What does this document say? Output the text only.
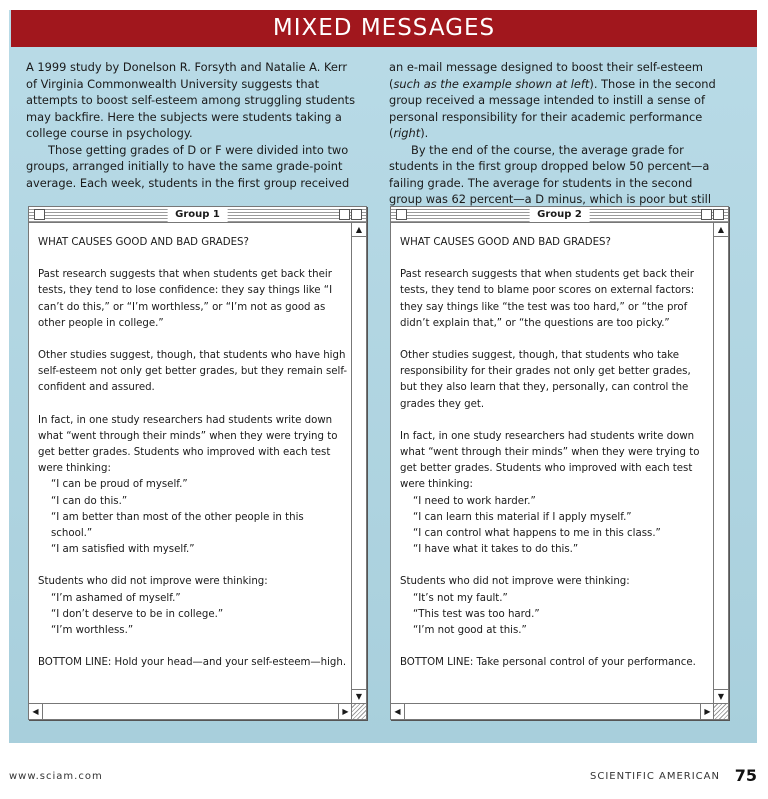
MIXED MESSAGES

A 1999 study by Donelson R. Forsyth and Natalie A. Kerr of Virginia Commonwealth University suggests that attempts to boost self-esteem among struggling students may backfire. Here the subjects were students taking a college course in psychology.

Those getting grades of D or F were divided into two groups, arranged initially to have the same grade-point average. Each week, students in the first group received

an e-mail message designed to boost their self-esteem (such as the example shown at left). Those in the second group received a message intended to instill a sense of personal responsibility for their academic performance (right).

By the end of the course, the average grade for students in the first group dropped below 50 percent—a failing grade. The average for students in the second group was 62 percent—a D minus, which is poor but still

Group 1
WHAT CAUSES GOOD AND BAD GRADES?
Past research suggests that when students get back their tests, they tend to lose confidence: they say things like “I can’t do this,” or “I’m worthless,” or “I’m not as good as other people in college.”
Other studies suggest, though, that students who have high self-esteem not only get better grades, but they remain self-confident and assured.
In fact, in one study researchers had students write down what “went through their minds” when they were trying to get better grades. Students who improved with each test were thinking:
“I can be proud of myself.”
“I can do this.”
“I am better than most of the other people in this school.”
“I am satisfied with myself.”
Students who did not improve were thinking:
“I’m ashamed of myself.”
“I don’t deserve to be in college.”
“I’m worthless.”
BOTTOM LINE: Hold your head—and your self-esteem—high.
▲
▼
◀	▶
Group 2
WHAT CAUSES GOOD AND BAD GRADES?
Past research suggests that when students get back their tests, they tend to blame poor scores on external factors: they say things like “the test was too hard,” or “the prof didn’t explain that,” or “the questions are too picky.”
Other studies suggest, though, that students who take responsibility for their grades not only get better grades, but they also learn that they, personally, can control the grades they get.
In fact, in one study researchers had students write down what “went through their minds” when they were trying to get better grades. Students who improved with each test were thinking:
“I need to work harder.”
“I can learn this material if I apply myself.”
“I can control what happens to me in this class.”
“I have what it takes to do this.”
Students who did not improve were thinking:
“It’s not my fault.”
“This test was too hard.”
“I’m not good at this.”
BOTTOM LINE: Take personal control of your performance.
▲
▼
◀	▶
www.sciam.com	SCIENTIFIC AMERICAN 75
